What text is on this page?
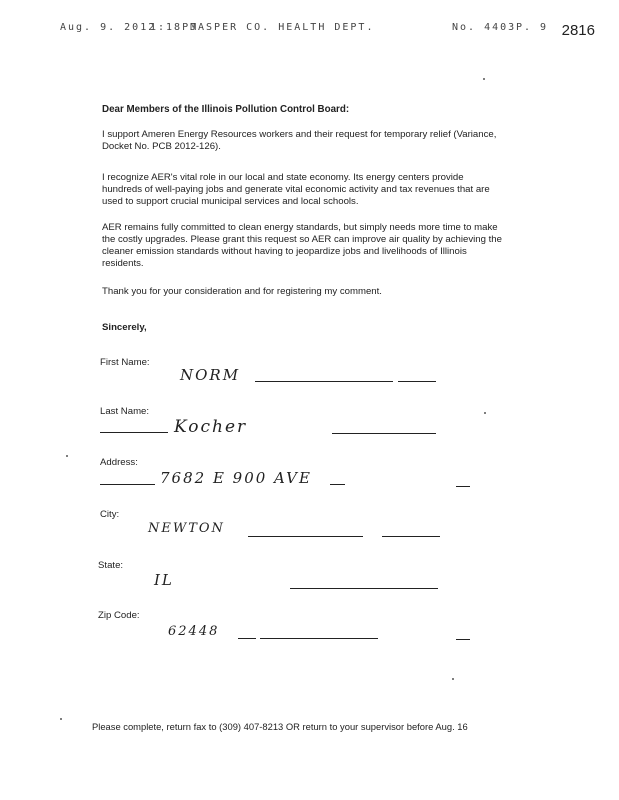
Aug. 9. 2012
1:18PM
JASPER CO. HEALTH DEPT.	No. 4403 P. 9 2816
Dear Members of the Illinois Pollution Control Board:
I support Ameren Energy Resources workers and their request for temporary relief (Variance, Docket No. PCB 2012-126).
I recognize AER's vital role in our local and state economy. Its energy centers provide hundreds of well-paying jobs and generate vital economic activity and tax revenues that are used to support crucial municipal services and local schools.
AER remains fully committed to clean energy standards, but simply needs more time to make the costly upgrades. Please grant this request so AER can improve air quality by achieving the cleaner emission standards without having to jeopardize jobs and livelihoods of Illinois residents.
Thank you for your consideration and for registering my comment.
Sincerely,
First Name:
NORM
Last Name:
Kocher
Address:
7682 E 900 AVE
City:
NEWTON
State:
IL
Zip Code:
62448
Please complete, return fax to (309) 407-8213 OR return to your supervisor before Aug. 16
